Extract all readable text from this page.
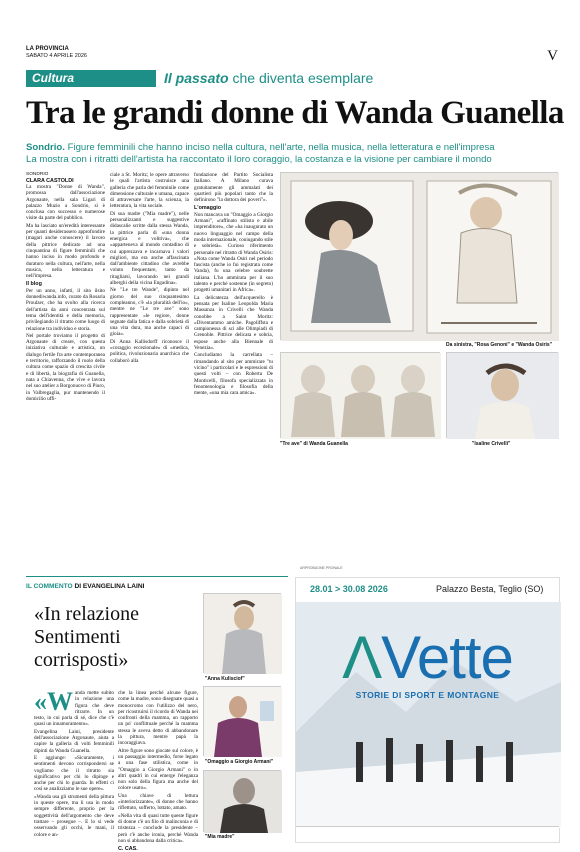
LA PROVINCIA
SABATO 4 APRILE 2026	V
Cultura	Il passato che diventa esemplare
Tra le grandi donne di Wanda Guanella
Sondrio. Figure femminili che hanno inciso nella cultura, nell'arte, nella musica, nella letteratura e nell'impresa
La mostra con i ritratti dell'artista ha raccontato il loro coraggio, la costanza e la visione per cambiare il mondo
SONDRIO
CLARA CASTOLDI

La mostra "Donne di Wanda", promossa dall'associazione Argonaute, nella sala Ligari di palazzo Muzio a Sondrio, si è conclusa con successo e numerose visite da parte del pubblico.

Ma ha lasciato un'eredità interessante per quanti desiderassero approfondire (magari anche conoscere) il lavoro della pittrice dedicato ad una cinquantina di figure femminili che hanno inciso in modo profondo e duraturo nella cultura, nell'arte, nella musica, nella letteratura e nell'impresa.

Il blog

Per un anno, infatti, il sito ilsito donnediwanda.info, curato da Rosaria Proulzer, che ha svolto alla ricerca dell'artista da anni concentrata sul tema dell'identità e della memoria, privilegiando il ritratto come luogo di relazione tra individuo e storia.

Nel portale troviamo il progetto di Argonaute di creare, con questa iniziativa culturale e artistica, un dialogo fertile fra arte contemporanea e territorio, rafforzando il ruolo della cultura come spazio di crescita civile e di libertà, la biografia di Guanella, nata a Chiavenna, che vive e lavora nel suo atelier a Borgonuovo di Piuro, in Valbregaglia, pur mantenendo il domicilio uffi-

ciale a St. Moritz; le opere attraverso le quali l'artista costruisce una galleria che parla del femminile come dimensione culturale e umana, capace di attraversare l'arte, la scienza, la letteratura, la vita sociale.

Di sua madre ("Mia madre"), nelle personalizzanti e suggestive didascalie scritte dalla stessa Wanda, la pittrice parla di «una donna energica e volitiva», che «apparteneva al mondo contadino di cui apprezzava e incarnava i valori migliori, ma era anche affascinata dall'ambiente cittadino che avrebbe voluto frequentare, tanto da ritagliarsi, lavorando nei grandi alberghi della vicina Engadina».

Ne "Le tre Wande", dipinto nel giorno del suo cinquantesimo compleanno, c'è «la pluralità dell'io», mentre ne "Le tre ave" sono rappresentate «le regiore, donne segnate dalla fatica e dalla sobrietà di una vita dura, ma anche capaci di gioia».

Di Anna Kallisdorff riconosce il «coraggio eccezionale» di «medica, politica, rivoluzionaria anarchica che collaborò alla

fondazione del Partito Socialista Italiano. A Milano curava gratuitamente gli ammalati dei quartieri più popolari tanto che la definirono "la dottora dei poveri"».

L'omaggio

Non mancava un "Omaggio a Giorgio Armani", «raffinato stilista e abile imprenditore», che «ha inaugurato un nuovo linguaggio nel campo della moda internazionale, coniugando stile e sobrietà». Curioso riferimento personale nel ritratto di Wanda Osiris: «Nota come Wanda Osiri nel periodo fascista (anche io fui registrata come Vanda), fu una celebre soubrette italiana. L'ho ammirata per il suo talento e perché sostenne (in segreto) progetti umanitari in Africa».

La delicatezza dell'acquerello è pensata per Isaline Leopolda Maria Massanza in Crivelli che Wanda conobbe a Saint Moritz: «Diventammo amiche. Pagoliffsta e campionessa di sci alle Olimpiadi di Grenoble. Pittrice delicata e sobria, espose anche alla Biennale di Venezia».

Concludiamo la carrellata – rimandando al sito per ammirare "tu vicino" i particolari e le espressioni di questi volti – con Roberta De Monticelli, filosofa specializzata in fenomenologia e filosofia della mente, «una mia cara amica».

Da sinistra, "Rosa Genoni" e "Wanda Osiris"
"Tre ave" di Wanda Guanella	"Isaline Crivelli"
ARPROBUONE PRONALE
IL COMMENTO DI EVANGELINA LAINI
«In relazione
Sentimenti
corrisposti»
«W anda mette subito in relazione una figura che deve ritrarre. In un testo, in cui parla di sé, dice che c'è quasi un innamoramento».

Evangelina Laini, presidente dell'associazione Argonaute, aiuta a capire la galleria di volti femminili dipinti da Wanda Guanella.

E aggiunge: «Sicuramente, i sentimenti devono corrispondersi se vogliamo che il ritratto sia significativo per chi lo dipinge e anche per chi lo guarda. In effetti ci così se analizziamo le sue opere».

«Wanda usa gli strumenti della pittura in queste opere, ma li usa in modo sempre differente, proprio per la soggettività dell'argomento che deve trattare – prosegue –. E lo si vede osservando gli occhi, le mani, il colore e an-

che la linea perché alcune figure, come la madre, sono disegnate quasi a monocromo con l'utilizzo del nero, per ricostruirsi il ricordo di Wanda nei confronti della mamma, un rapporto un po' conflittuale perché la mamma stessa le aveva detto di abbandonare la pittura, mentre papà la incoraggiava.

Altre figure sono giocate sul colore, è un passaggio intermedio, forse legato a una fase stilistica, come in "Omaggio a Giorgio Armani" o in altri quadri in cui emerge l'eleganza non solo della figura ma anche del colore usato».

Una chiave di lettura «interiorizzante», di donne che hanno riflettuto, sofferto, lottato, amato.

«Nella vita di quasi tutte queste figure di donne c'è un filo di malinconia e di tristezza – conclude la presidente – però c'è anche ironia, perché Wanda non si abbandona dalla critica».

C. CAS.

"Anna Kulisciof"
"Omaggio a Giorgio Armani"
"Mia madre"
28.01 > 30.08 2026	Palazzo Besta, Teglio (SO)
ΛVette
STORIE DI SPORT E MONTAGNE
